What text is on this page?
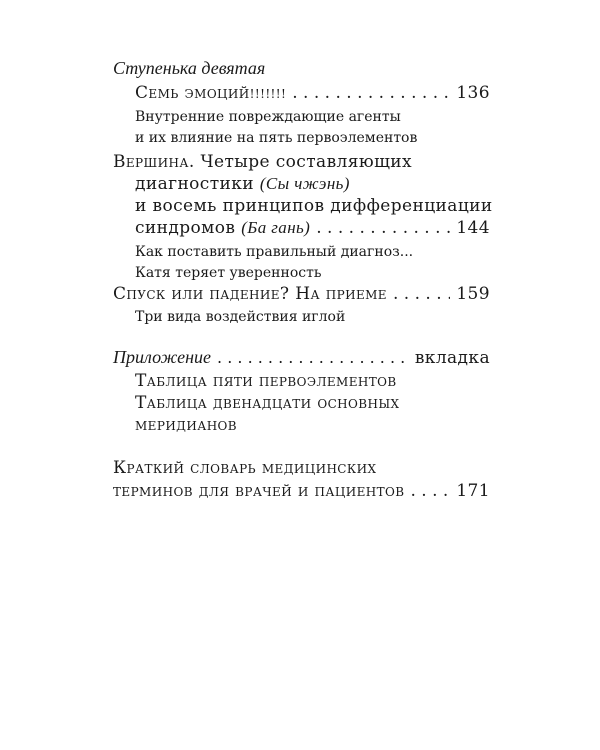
Ступенька девятая
Семь эмоций!!!!!!! . . .	136
Внутренние повреждающие агенты
и их влияние на пять первоэлементов
Вершина. Четыре составляющих
диагностики (Сы чжэнь)
и восемь принципов дифференциации
синдромов (Ба гань) . . .	144
Как поставить правильный диагноз...
Катя теряет уверенность
Спуск или падение? На приеме . . .	159
Три вида воздействия иглой
Приложение . . .	вкладка
Таблица пяти первоэлементов
Таблица двенадцати основных
меридианов
Краткий словарь медицинских
терминов для врачей и пациентов . . .	171
